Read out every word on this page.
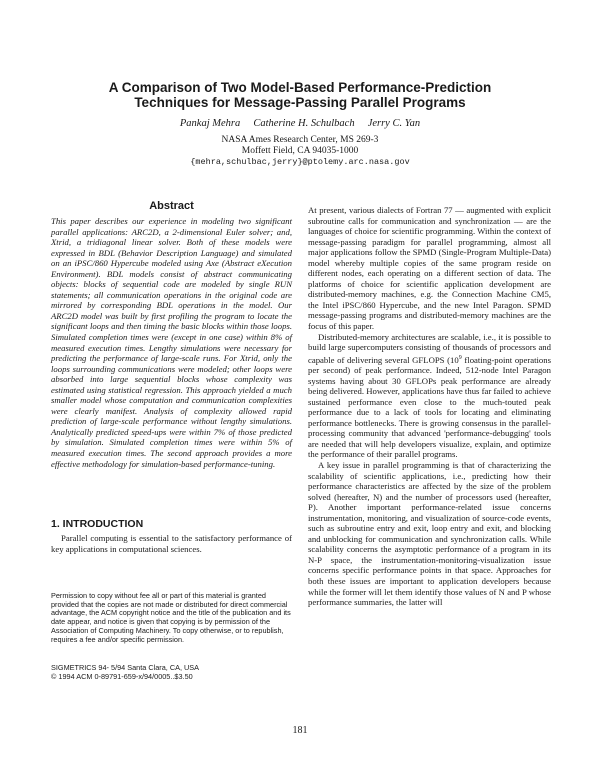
A Comparison of Two Model-Based Performance-Prediction
Techniques for Message-Passing Parallel Programs
Pankaj Mehra     Catherine H. Schulbach     Jerry C. Yan
NASA Ames Research Center, MS 269-3
Moffett Field, CA 94035-1000
{mehra,schulbac,jerry}@ptolemy.arc.nasa.gov
Abstract

This paper describes our experience in modeling two significant parallel applications: ARC2D, a 2-dimensional Euler solver; and, Xtrid, a tridiagonal linear solver. Both of these models were expressed in BDL (Behavior Description Language) and simulated on an iPSC/860 Hypercube modeled using Axe (Abstract eXecution Environment). BDL models consist of abstract communicating objects: blocks of sequential code are modeled by single RUN statements; all communication operations in the original code are mirrored by corresponding BDL operations in the model. Our ARC2D model was built by first profiling the program to locate the significant loops and then timing the basic blocks within those loops. Simulated completion times were (except in one case) within 8% of measured execution times. Lengthy simulations were necessary for predicting the performance of large-scale runs. For Xtrid, only the loops surrounding communications were modeled; other loops were absorbed into large sequential blocks whose complexity was estimated using statistical regression. This approach yielded a much smaller model whose computation and communication complexities were clearly manifest. Analysis of complexity allowed rapid prediction of large-scale performance without lengthy simulations. Analytically predicted speed-ups were within 7% of those predicted by simulation. Simulated completion times were within 5% of measured execution times. The second approach provides a more effective methodology for simulation-based performance-tuning.

1. INTRODUCTION

Parallel computing is essential to the satisfactory performance of key applications in computational sciences.

Permission to copy without fee all or part of this material is granted provided that the copies are not made or distributed for direct commercial advantage, the ACM copyright notice and the title of the publication and its date appear, and notice is given that copying is by permission of the Association of Computing Machinery. To copy otherwise, or to republish, requires a fee and/or specific permission.
SIGMETRICS 94- 5/94 Santa Clara, CA, USA
© 1994 ACM 0-89791-659-x/94/0005..$3.50

At present, various dialects of Fortran 77 — augmented with explicit subroutine calls for communication and synchronization — are the languages of choice for scientific programming. Within the context of message-passing paradigm for parallel programming, almost all major applications follow the SPMD (Single-Program Multiple-Data) model whereby multiple copies of the same program reside on different nodes, each operating on a different section of data. The platforms of choice for scientific application development are distributed-memory machines, e.g. the Connection Machine CM5, the Intel iPSC/860 Hypercube, and the new Intel Paragon. SPMD message-passing programs and distributed-memory machines are the focus of this paper.

Distributed-memory architectures are scalable, i.e., it is possible to build large supercomputers consisting of thousands of processors and capable of delivering several GFLOPS ($10^9$ floating-point operations per second) of peak performance. Indeed, 512-node Intel Paragon systems having about 30 GFLOPs peak performance are already being delivered. However, applications have thus far failed to achieve sustained performance even close to the much-touted peak performance due to a lack of tools for locating and eliminating performance bottlenecks. There is growing consensus in the parallel-processing community that advanced 'performance-debugging' tools are needed that will help developers visualize, explain, and optimize the performance of their parallel programs.

A key issue in parallel programming is that of characterizing the scalability of scientific applications, i.e., predicting how their performance characteristics are affected by the size of the problem solved (hereafter, N) and the number of processors used (hereafter, P). Another important performance-related issue concerns instrumentation, monitoring, and visualization of source-code events, such as subroutine entry and exit, loop entry and exit, and blocking and unblocking for communication and synchronization calls. While scalability concerns the asymptotic performance of a program in its N-P space, the instrumentation-monitoring-visualization issue concerns specific performance points in that space. Approaches for both these issues are important to application developers because while the former will let them identify those values of N and P whose performance summaries, the latter will

181
